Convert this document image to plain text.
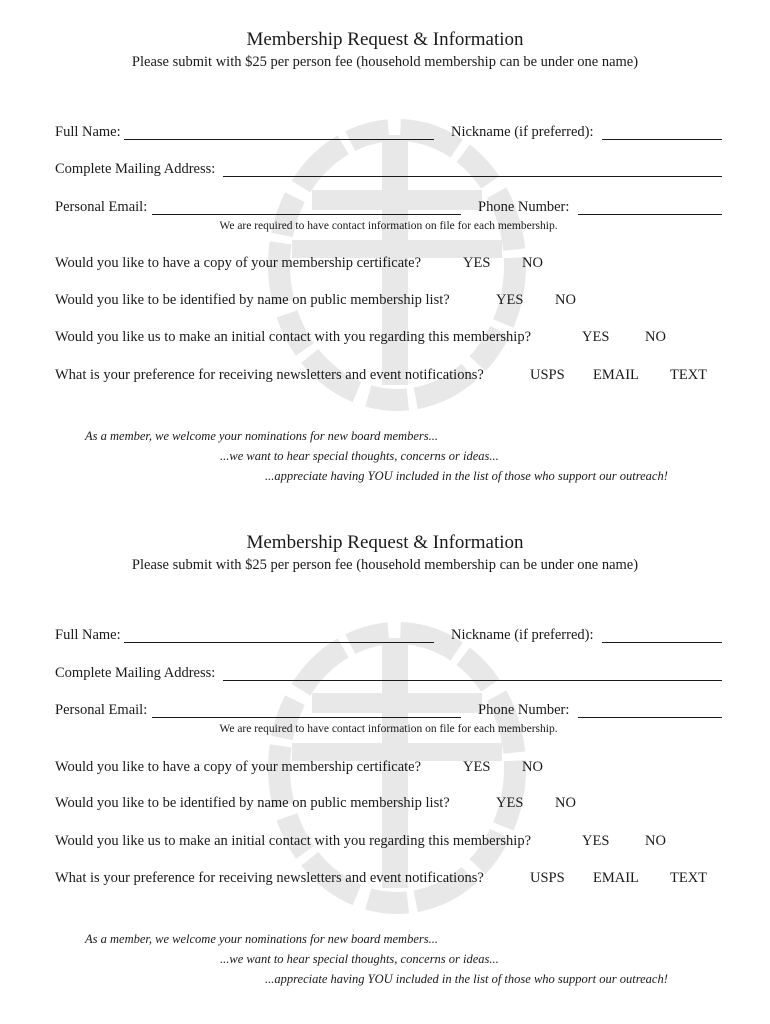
Membership Request & Information
Please submit with $25 per person fee (household membership can be under one name)
Full Name:	Nickname (if preferred):
Complete Mailing Address:
Personal Email:	Phone Number:
We are required to have contact information on file for each membership.
Would you like to have a copy of your membership certificate?	YES NO
Would you like to be identified by name on public membership list?	YES NO
Would you like us to make an initial contact with you regarding this membership?	YES NO
What is your preference for receiving newsletters and event notifications?	USPS EMAIL TEXT
As a member, we welcome your nominations for new board members...
...we want to hear special thoughts, concerns or ideas...
...appreciate having YOU included in the list of those who support our outreach!
Membership Request & Information
Please submit with $25 per person fee (household membership can be under one name)
Full Name:	Nickname (if preferred):
Complete Mailing Address:
Personal Email:	Phone Number:
We are required to have contact information on file for each membership.
Would you like to have a copy of your membership certificate?	YES NO
Would you like to be identified by name on public membership list?	YES NO
Would you like us to make an initial contact with you regarding this membership?	YES NO
What is your preference for receiving newsletters and event notifications?	USPS EMAIL TEXT
As a member, we welcome your nominations for new board members...
...we want to hear special thoughts, concerns or ideas...
...appreciate having YOU included in the list of those who support our outreach!
